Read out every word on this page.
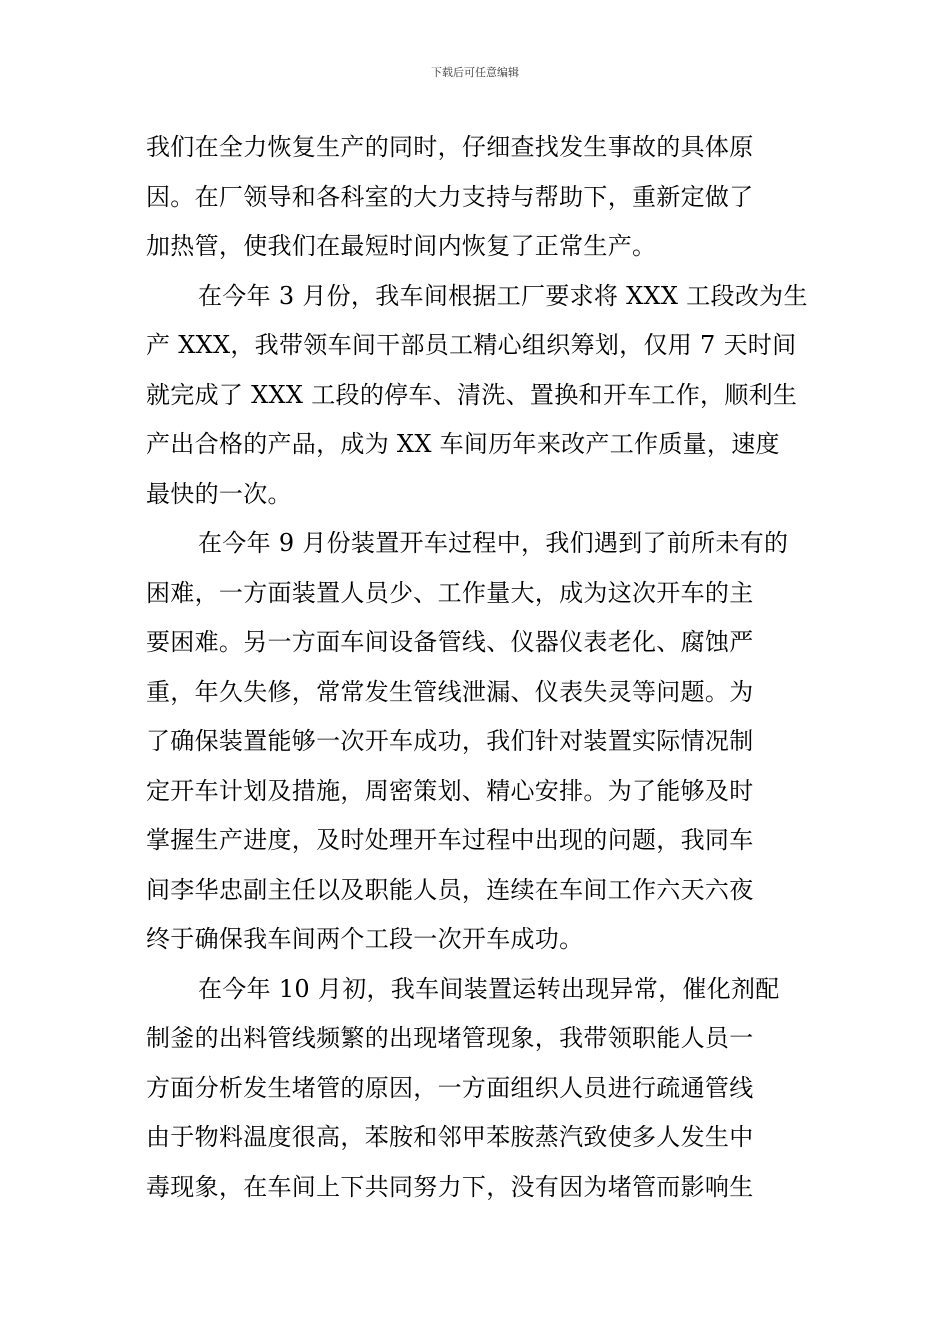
下载后可任意编辑
我们在全力恢复生产的同时，仔细查找发生事故的具体原
因。在厂领导和各科室的大力支持与帮助下，重新定做了
加热管，使我们在最短时间内恢复了正常生产。
在今年 3 月份，我车间根据工厂要求将 XXX 工段改为生
产 XXX，我带领车间干部员工精心组织筹划，仅用 7 天时间
就完成了 XXX 工段的停车、清洗、置换和开车工作，顺利生
产出合格的产品，成为 XX 车间历年来改产工作质量，速度
最快的一次。
在今年 9 月份装置开车过程中，我们遇到了前所未有的
困难，一方面装置人员少、工作量大，成为这次开车的主
要困难。另一方面车间设备管线、仪器仪表老化、腐蚀严
重，年久失修，常常发生管线泄漏、仪表失灵等问题。为
了确保装置能够一次开车成功，我们针对装置实际情况制
定开车计划及措施，周密策划、精心安排。为了能够及时
掌握生产进度，及时处理开车过程中出现的问题，我同车
间李华忠副主任以及职能人员，连续在车间工作六天六夜
终于确保我车间两个工段一次开车成功。
在今年 10 月初，我车间装置运转出现异常，催化剂配
制釜的出料管线频繁的出现堵管现象，我带领职能人员一
方面分析发生堵管的原因，一方面组织人员进行疏通管线
由于物料温度很高，苯胺和邻甲苯胺蒸汽致使多人发生中
毒现象，在车间上下共同努力下，没有因为堵管而影响生
